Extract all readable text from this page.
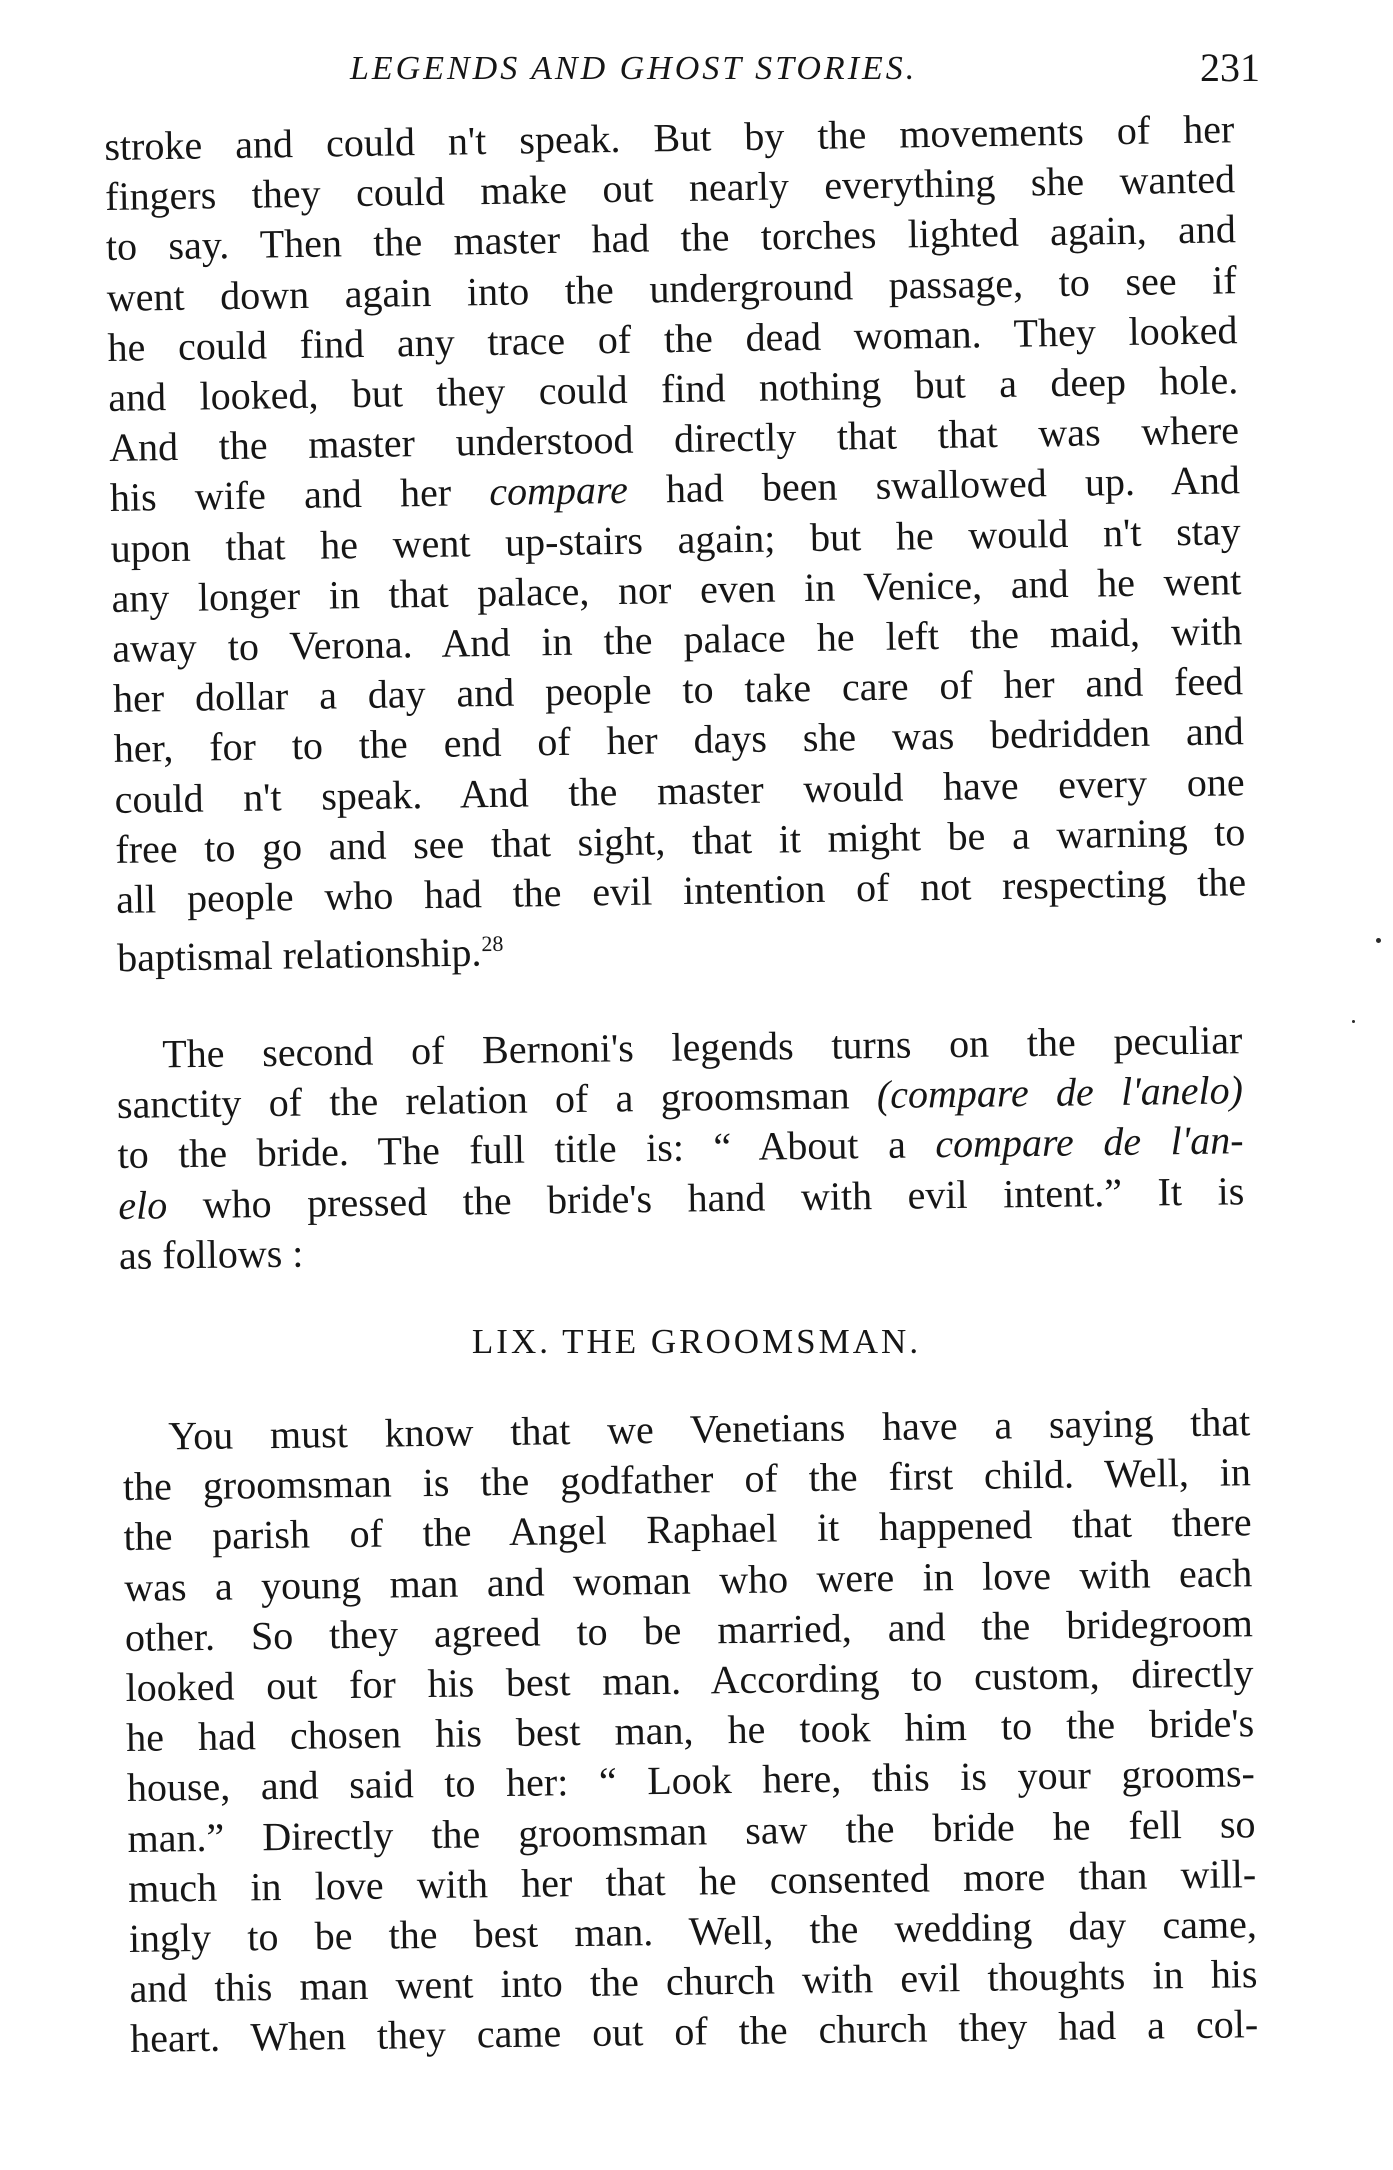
LEGENDS AND GHOST STORIES.	231
stroke and could n't speak. But by the movements of her
fingers they could make out nearly everything she wanted
to say. Then the master had the torches lighted again, and
went down again into the underground passage, to see if
he could find any trace of the dead woman. They looked
and looked, but they could find nothing but a deep hole.
And the master understood directly that that was where
his wife and her compare had been swallowed up. And
upon that he went up-stairs again; but he would n't stay
any longer in that palace, nor even in Venice, and he went
away to Verona. And in the palace he left the maid, with
her dollar a day and people to take care of her and feed
her, for to the end of her days she was bedridden and
could n't speak. And the master would have every one
free to go and see that sight, that it might be a warning to
all people who had the evil intention of not respecting the
baptismal relationship.$^{28}$
The second of Bernoni's legends turns on the peculiar
sanctity of the relation of a groomsman (compare de l'anelo)
to the bride. The full title is: “ About a compare de l'an-
elo who pressed the bride's hand with evil intent.” It is
as follows :
LIX. THE GROOMSMAN.
You must know that we Venetians have a saying that
the groomsman is the godfather of the first child. Well, in
the parish of the Angel Raphael it happened that there
was a young man and woman who were in love with each
other. So they agreed to be married, and the bridegroom
looked out for his best man. According to custom, directly
he had chosen his best man, he took him to the bride's
house, and said to her: “ Look here, this is your grooms-
man.” Directly the groomsman saw the bride he fell so
much in love with her that he consented more than will-
ingly to be the best man. Well, the wedding day came,
and this man went into the church with evil thoughts in his
heart. When they came out of the church they had a col-
